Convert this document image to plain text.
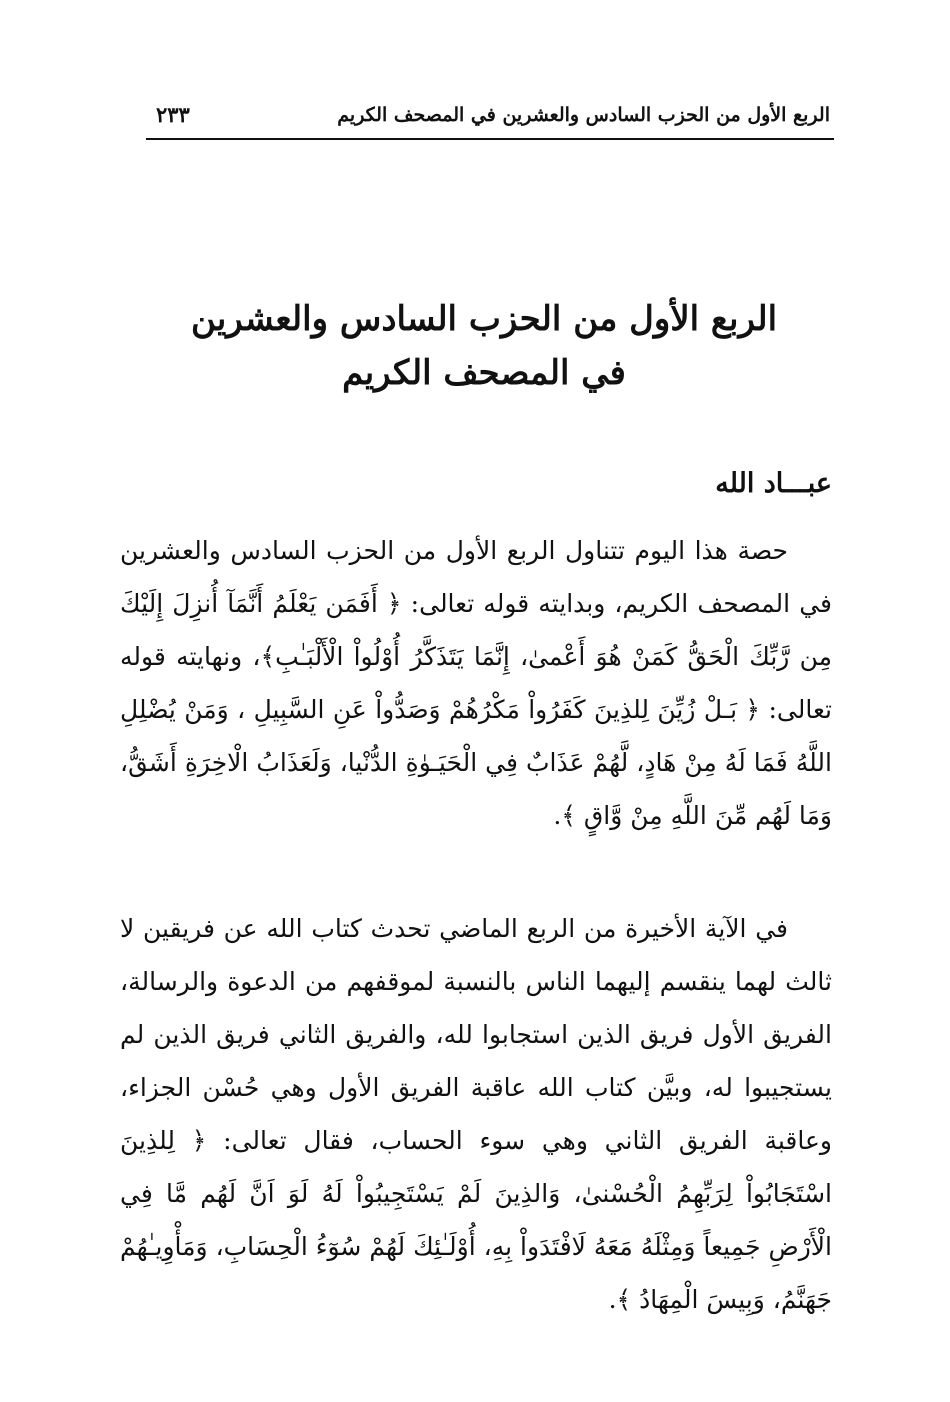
الربع الأول من الحزب السادس والعشرين في المصحف الكريم
٢٣٣
الربع الأول من الحزب السادس والعشرين
في المصحف الكريم
عبـــاد الله

حصة هذا اليوم تتناول الربع الأول من الحزب السادس والعشرين في المصحف الكريم، وبدايته قوله تعالى: ﴿ أَفَمَن يَعْلَمُ أَنَّمَآ أُنزِلَ إِلَيْكَ مِن رَّبِّكَ الْحَقُّ كَمَنْ هُوَ أَعْمىٰ، إِنَّمَا يَتَذَكَّرُ أُوْلُواْ الْأَلْبَـٰبِ﴾، ونهايته قوله تعالى: ﴿ بَـلْ زُيِّنَ لِلذِينَ كَفَرُواْ مَكْرُهُمْ وَصَدُّواْ عَنِ السَّبِيلِ ، وَمَنْ يُضْلِلِ اللَّهُ فَمَا لَهُ مِنْ هَادٍ، لَّهُمْ عَذَابٌ فِي الْحَيَـوٰةِ الدُّنْيا، وَلَعَذَابُ الْاخِرَةِ أَشَقُّ، وَمَا لَهُم مِّنَ اللَّهِ مِنْ وَّاقٍ ﴾.

في الآية الأخيرة من الربع الماضي تحدث كتاب الله عن فريقين لا ثالث لهما ينقسم إليهما الناس بالنسبة لموقفهم من الدعوة والرسالة، الفريق الأول فريق الذين استجابوا لله، والفريق الثاني فريق الذين لم يستجيبوا له، وبيَّن كتاب الله عاقبة الفريق الأول وهي حُسْن الجزاء، وعاقبة الفريق الثاني وهي سوء الحساب، فقال تعالى: ﴿ لِلذِينَ اسْتَجَابُواْ لِرَبِّهِمُ الْحُسْنىٰ، وَالذِينَ لَمْ يَسْتَجِيبُواْ لَهُ لَوَ اَنَّ لَهُم مَّا فِي الْأَرْضِ جَمِيعاً وَمِثْلَهُ مَعَهُ لَافْتَدَواْ بِهِ، أُوْلَـٰئِكَ لَهُمْ سُوٓءُ الْحِسَابِ، وَمَأْوِيـٰهُمْ جَهَنَّمُ، وَبِيسَ الْمِهَادُ ﴾.
